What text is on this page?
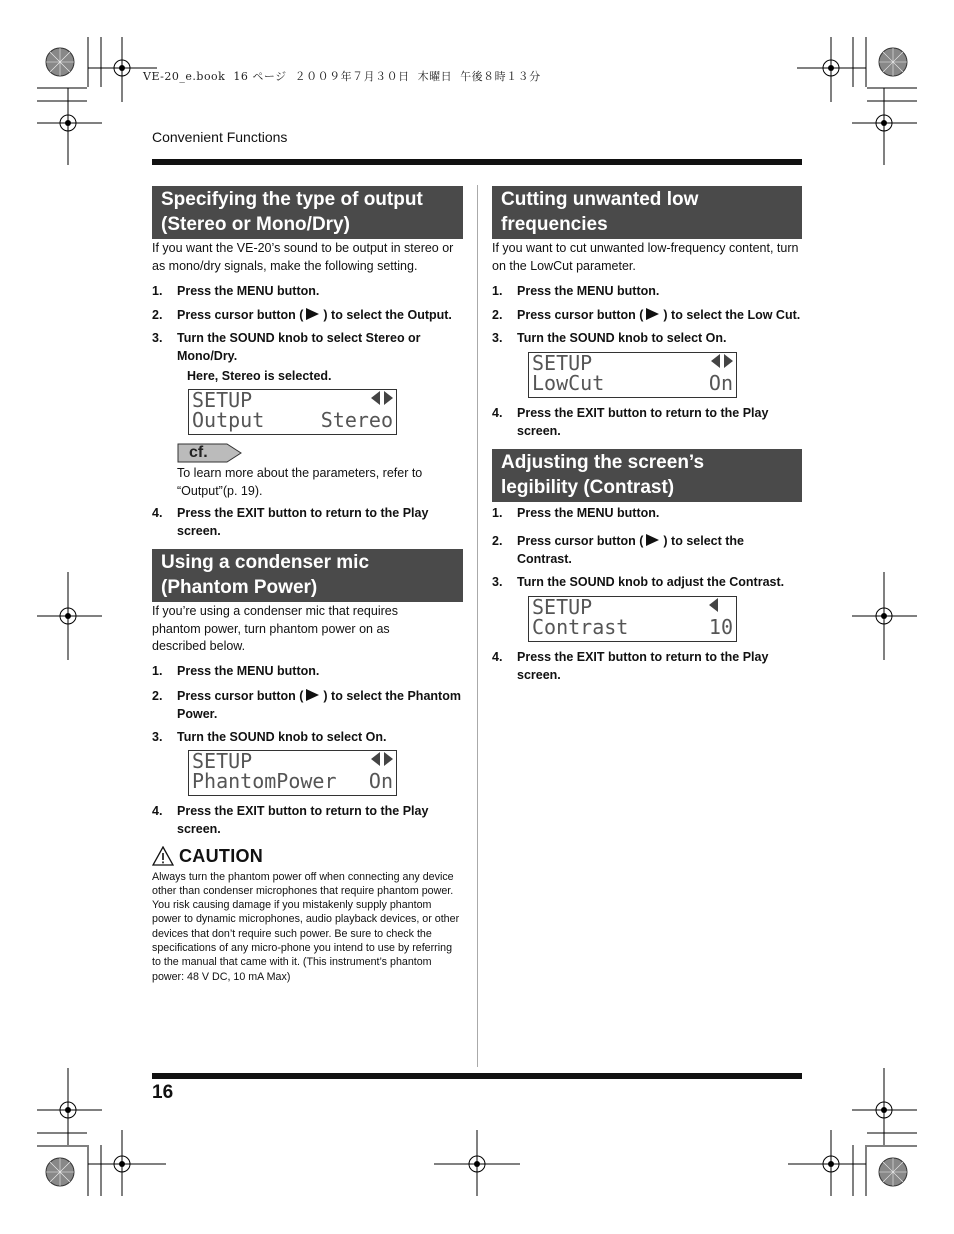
VE-20_e.book  16 ページ  ２００９年７月３０日  木曜日  午後８時１３分
Convenient Functions
Specifying the type of output
(Stereo or Mono/Dry)
If you want the VE-20’s sound to be output in stereo or as mono/dry signals, make the following setting.
1.	Press the MENU button.
2.	Press cursor button ( ) to select the Output.
3.	Turn the SOUND knob to select Stereo or Mono/Dry.
Here, Stereo is selected.
SETUP
Output	Stereo
cf.
To learn more about the parameters, refer to “Output”(p. 19).
4.	Press the EXIT button to return to the Play screen.
Using a condenser mic
(Phantom Power)
If you’re using a condenser mic that requires phantom power, turn phantom power on as described below.
1.	Press the MENU button.
2.	Press cursor button ( ) to select the Phantom Power.
3.	Turn the SOUND knob to select On.
SETUP
PhantomPower On
4.	Press the EXIT button to return to the Play screen.
CAUTION
Always turn the phantom power off when connecting any device other than condenser microphones that require phantom power. You risk causing damage if you mistakenly supply phantom power to dynamic microphones, audio playback devices, or other devices that don’t require such power. Be sure to check the specifications of any micro-phone you intend to use by referring to the manual that came with it. (This instrument’s phantom power: 48 V DC, 10 mA Max)
Cutting unwanted low
frequencies
If you want to cut unwanted low-frequency content, turn on the LowCut parameter.
1.	Press the MENU button.
2.	Press cursor button ( ) to select the Low Cut.
3.	Turn the SOUND knob to select On.
SETUP
LowCut	On
4.	Press the EXIT button to return to the Play screen.
Adjusting the screen’s
legibility (Contrast)
1.	Press the MENU button.
2.	Press cursor button ( ) to select the Contrast.
3.	Turn the SOUND knob to adjust the Contrast.
SETUP
Contrast	10
4.	Press the EXIT button to return to the Play screen.
16
